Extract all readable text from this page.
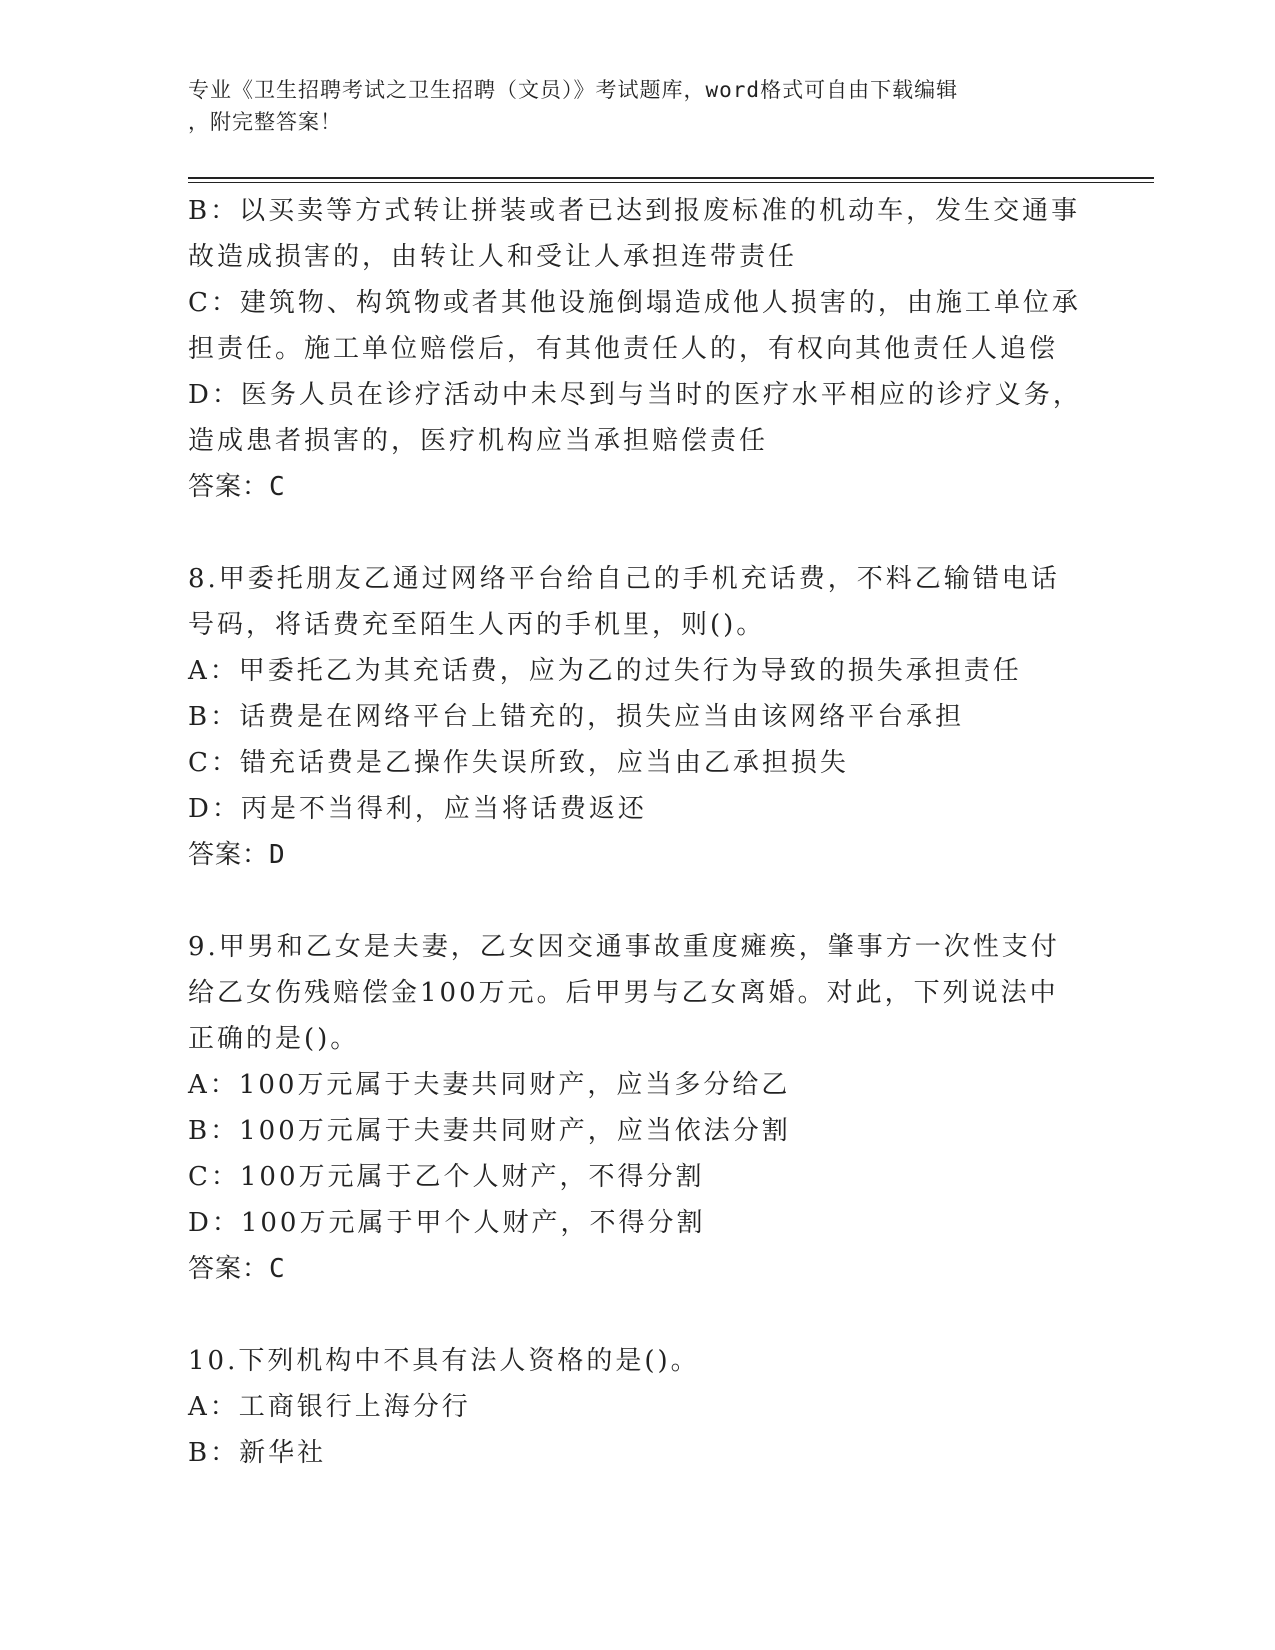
专业《卫生招聘考试之卫生招聘（文员）》考试题库，word格式可自由下载编辑
，附完整答案！
B：以买卖等方式转让拼装或者已达到报废标准的机动车，发生交通事
故造成损害的，由转让人和受让人承担连带责任
C：建筑物、构筑物或者其他设施倒塌造成他人损害的，由施工单位承
担责任。施工单位赔偿后，有其他责任人的，有权向其他责任人追偿
D：医务人员在诊疗活动中未尽到与当时的医疗水平相应的诊疗义务，
造成患者损害的，医疗机构应当承担赔偿责任
答案：C
8.甲委托朋友乙通过网络平台给自己的手机充话费，不料乙输错电话
号码，将话费充至陌生人丙的手机里，则()。
A：甲委托乙为其充话费，应为乙的过失行为导致的损失承担责任
B：话费是在网络平台上错充的，损失应当由该网络平台承担
C：错充话费是乙操作失误所致，应当由乙承担损失
D：丙是不当得利，应当将话费返还
答案：D
9.甲男和乙女是夫妻，乙女因交通事故重度瘫痪，肇事方一次性支付
给乙女伤残赔偿金100万元。后甲男与乙女离婚。对此，下列说法中
正确的是()。
A：100万元属于夫妻共同财产，应当多分给乙
B：100万元属于夫妻共同财产，应当依法分割
C：100万元属于乙个人财产，不得分割
D：100万元属于甲个人财产，不得分割
答案：C
10.下列机构中不具有法人资格的是()。
A：工商银行上海分行
B：新华社
